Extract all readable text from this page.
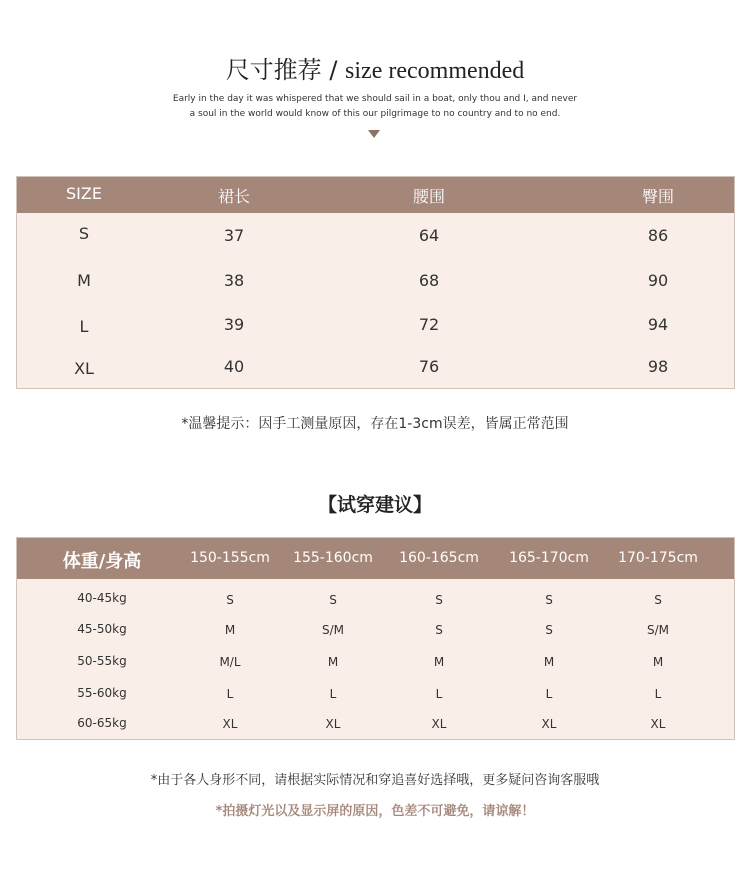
尺寸推荐 / size recommended
Early in the day it was whispered that we should sail in a boat, only thou and I, and never
a soul in the world would know of this our pilgrimage to no country and to no end.
SIZE	裙长	腰围	臀围
S	37	64	86
M	38	68	90
L	39	72	94
XL	40	76	98
*温馨提示：因手工测量原因，存在1-3cm误差，皆属正常范围
【试穿建议】
体重/身高	150-155cm	155-160cm	160-165cm	165-170cm	170-175cm
40-45kg	S	S	S	S	S
45-50kg	M	S/M	S	S	S/M
50-55kg	M/L	M	M	M	M
55-60kg	L	L	L	L	L
60-65kg	XL	XL	XL	XL	XL
*由于各人身形不同，请根据实际情况和穿追喜好选择哦，更多疑问咨询客服哦
*拍摄灯光以及显示屏的原因，色差不可避免，请谅解！
